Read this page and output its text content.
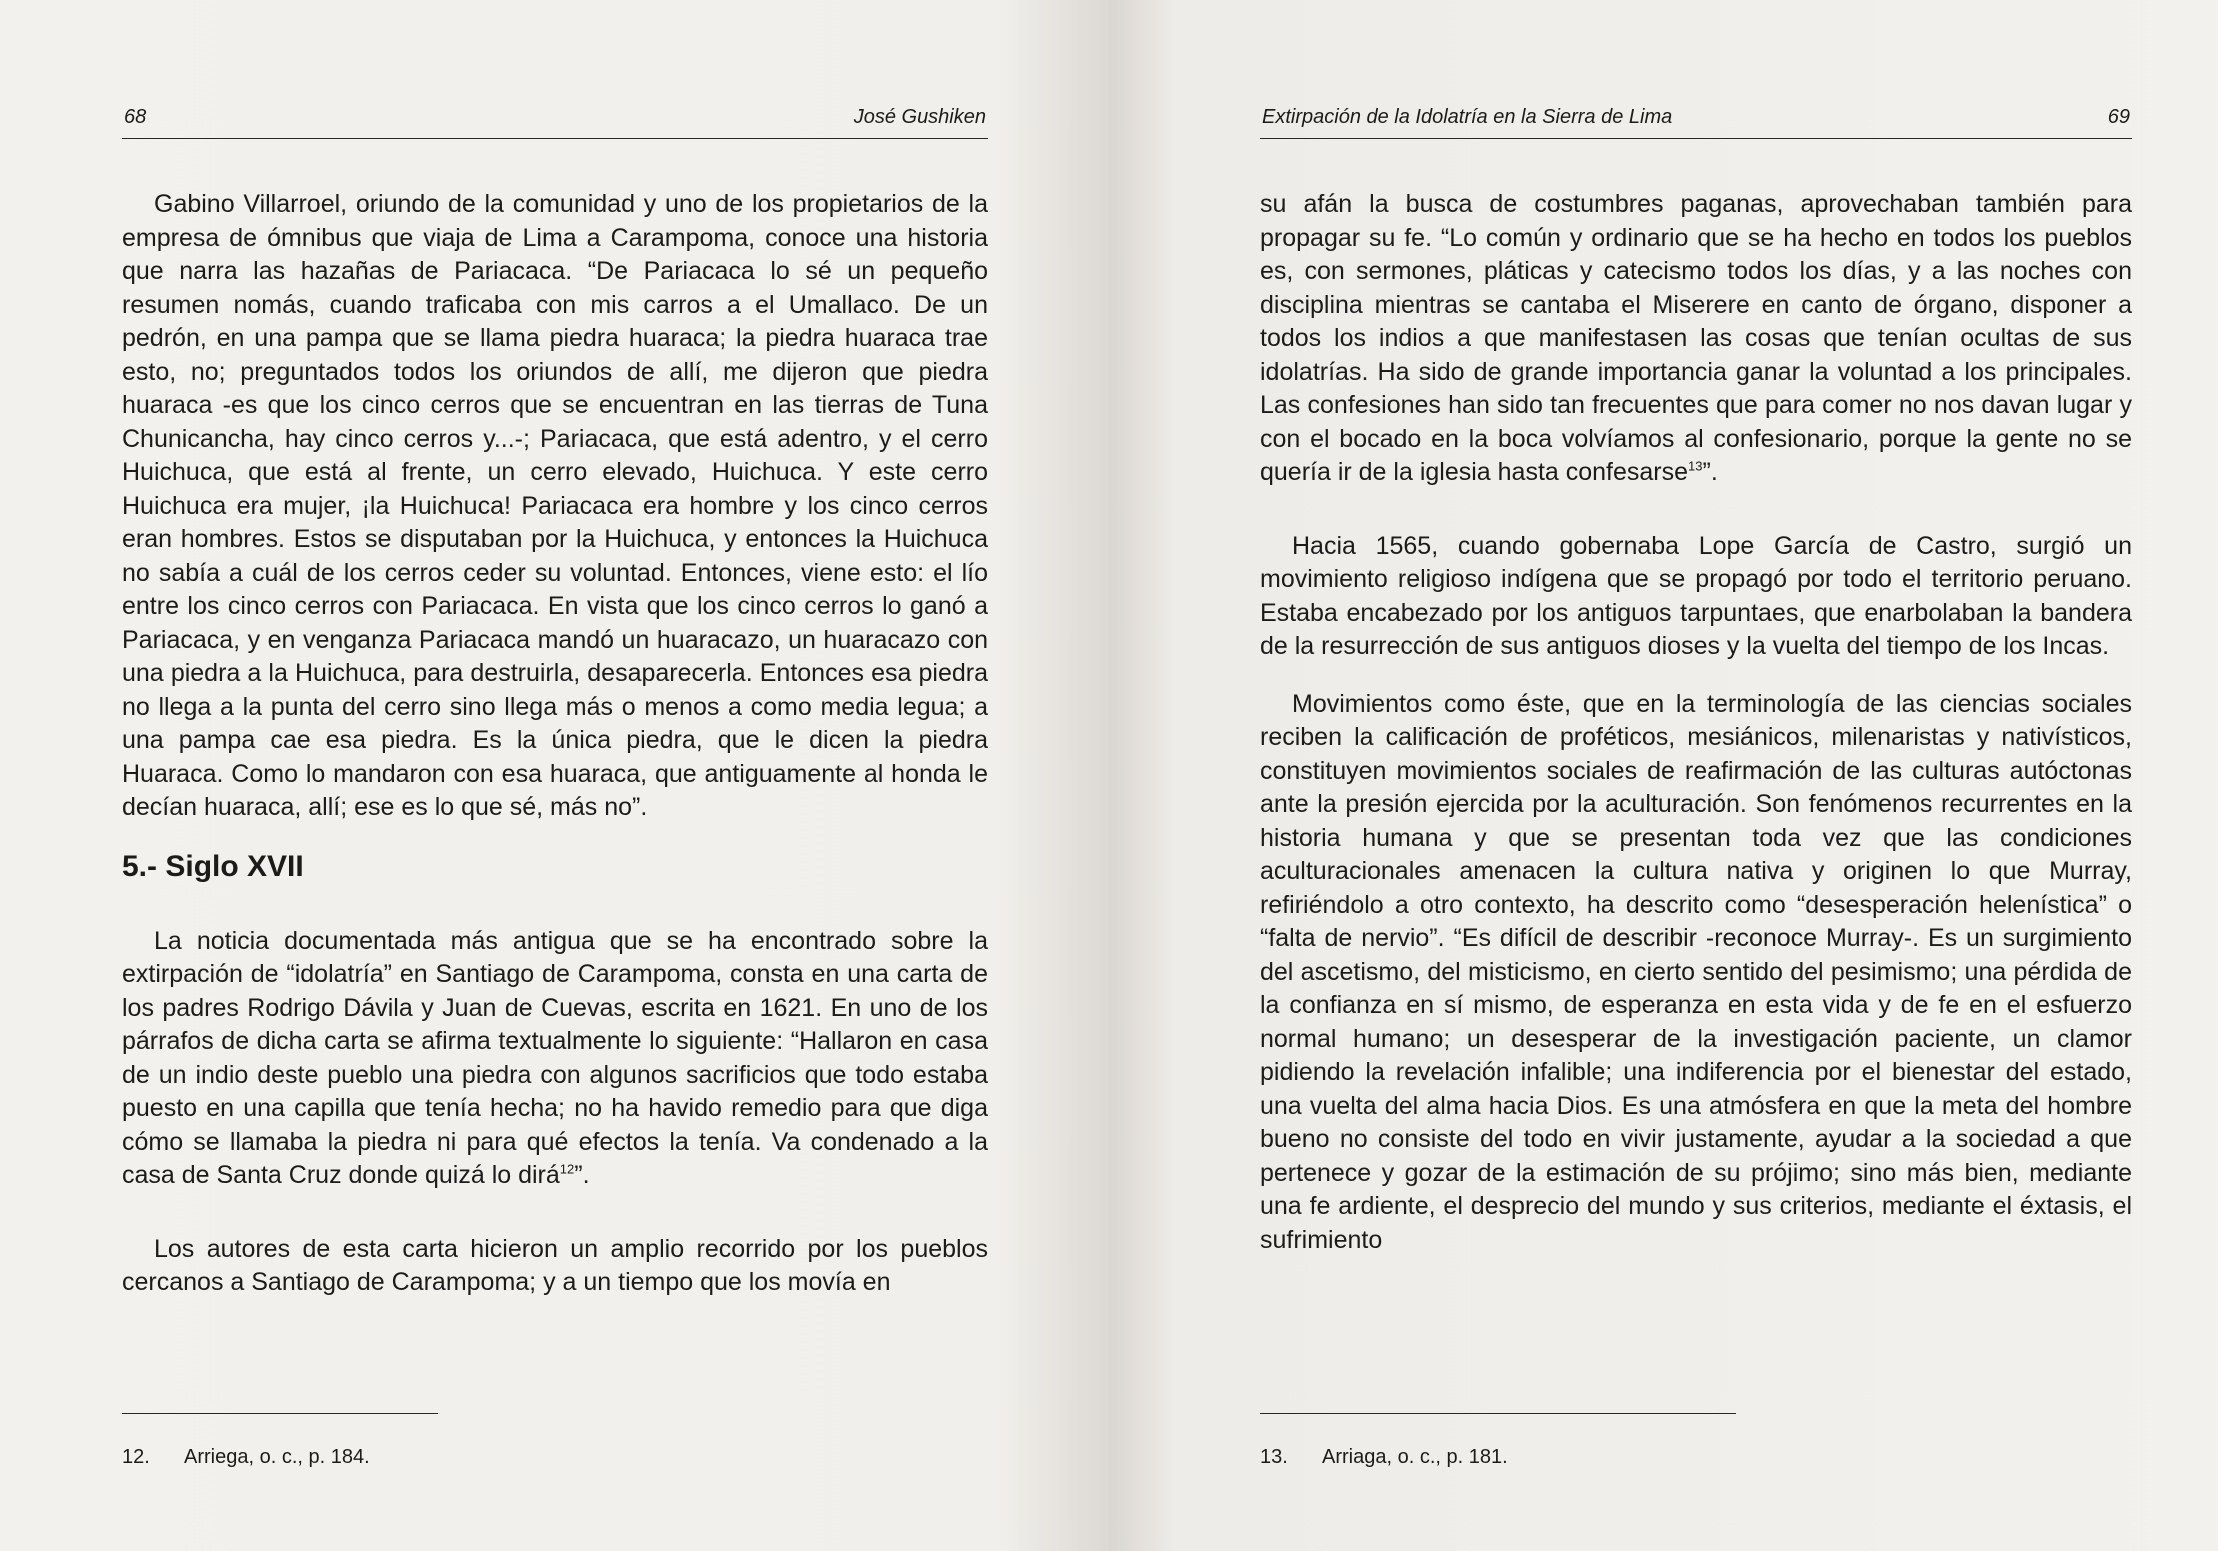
68	José Gushiken

Gabino Villarroel, oriundo de la comunidad y uno de los propietarios de la empresa de ómnibus que viaja de Lima a Carampoma, conoce una historia que narra las hazañas de Pariacaca. “De Pariacaca lo sé un pequeño resumen nomás, cuando traficaba con mis carros a el Umallaco. De un pedrón, en una pampa que se llama piedra huaraca; la piedra huaraca trae esto, no; preguntados todos los oriundos de allí, me dijeron que piedra huaraca -es que los cinco cerros que se encuentran en las tierras de Tuna Chunicancha, hay cinco cerros y...-; Pariacaca, que está adentro, y el cerro Huichuca, que está al frente, un cerro elevado, Huichuca. Y este cerro Huichuca era mujer, ¡la Huichuca! Pariacaca era hombre y los cinco cerros eran hombres. Estos se disputaban por la Huichuca, y entonces la Huichuca no sabía a cuál de los cerros ceder su voluntad. Entonces, viene esto: el lío entre los cinco cerros con Pariacaca. En vista que los cinco cerros lo ganó a Pariacaca, y en venganza Pariacaca mandó un huaracazo, un huaracazo con una piedra a la Huichuca, para destruirla, desaparecerla. Entonces esa piedra no llega a la punta del cerro sino llega más o menos a como media legua; a una pampa cae esa piedra. Es la única piedra, que le dicen la piedra Huaraca. Como lo mandaron con esa huaraca, que antiguamente al honda le decían huaraca, allí; ese es lo que sé, más no”.

5.- Siglo XVII

La noticia documentada más antigua que se ha encontrado sobre la extirpación de “idolatría” en Santiago de Carampoma, consta en una carta de los padres Rodrigo Dávila y Juan de Cuevas, escrita en 1621. En uno de los párrafos de dicha carta se afirma textualmente lo siguiente: “Hallaron en casa de un indio deste pueblo una piedra con algunos sacrificios que todo estaba puesto en una capilla que tenía hecha; no ha havido remedio para que diga cómo se llamaba la piedra ni para qué efectos la tenía. Va condenado a la casa de Santa Cruz donde quizá lo dirá$^{12}$”.

Los autores de esta carta hicieron un amplio recorrido por los pueblos cercanos a Santiago de Carampoma; y a un tiempo que los movía en

12. Arriega, o. c., p. 184.
Extirpación de la Idolatría en la Sierra de Lima	69

su afán la busca de costumbres paganas, aprovechaban también para propagar su fe. “Lo común y ordinario que se ha hecho en todos los pueblos es, con sermones, pláticas y catecismo todos los días, y a las noches con disciplina mientras se cantaba el Miserere en canto de órgano, disponer a todos los indios a que manifestasen las cosas que tenían ocultas de sus idolatrías. Ha sido de grande importancia ganar la voluntad a los principales. Las confesiones han sido tan frecuentes que para comer no nos davan lugar y con el bocado en la boca volvíamos al confesionario, porque la gente no se quería ir de la iglesia hasta confesarse$^{13}$”.

Hacia 1565, cuando gobernaba Lope García de Castro, surgió un movimiento religioso indígena que se propagó por todo el territorio peruano. Estaba encabezado por los antiguos tarpuntaes, que enarbolaban la bandera de la resurrección de sus antiguos dioses y la vuelta del tiempo de los Incas.

Movimientos como éste, que en la terminología de las ciencias sociales reciben la calificación de proféticos, mesiánicos, milenaristas y nativísticos, constituyen movimientos sociales de reafirmación de las culturas autóctonas ante la presión ejercida por la aculturación. Son fenómenos recurrentes en la historia humana y que se presentan toda vez que las condiciones aculturacionales amenacen la cultura nativa y originen lo que Murray, refiriéndolo a otro contexto, ha descrito como “desesperación helenística” o “falta de nervio”. “Es difícil de describir -reconoce Murray-. Es un surgimiento del ascetismo, del misticismo, en cierto sentido del pesimismo; una pérdida de la confianza en sí mismo, de esperanza en esta vida y de fe en el esfuerzo normal humano; un desesperar de la investigación paciente, un clamor pidiendo la revelación infalible; una indiferencia por el bienestar del estado, una vuelta del alma hacia Dios. Es una atmósfera en que la meta del hombre bueno no consiste del todo en vivir justamente, ayudar a la sociedad a que pertenece y gozar de la estimación de su prójimo; sino más bien, mediante una fe ardiente, el desprecio del mundo y sus criterios, mediante el éxtasis, el sufrimiento

13. Arriaga, o. c., p. 181.
